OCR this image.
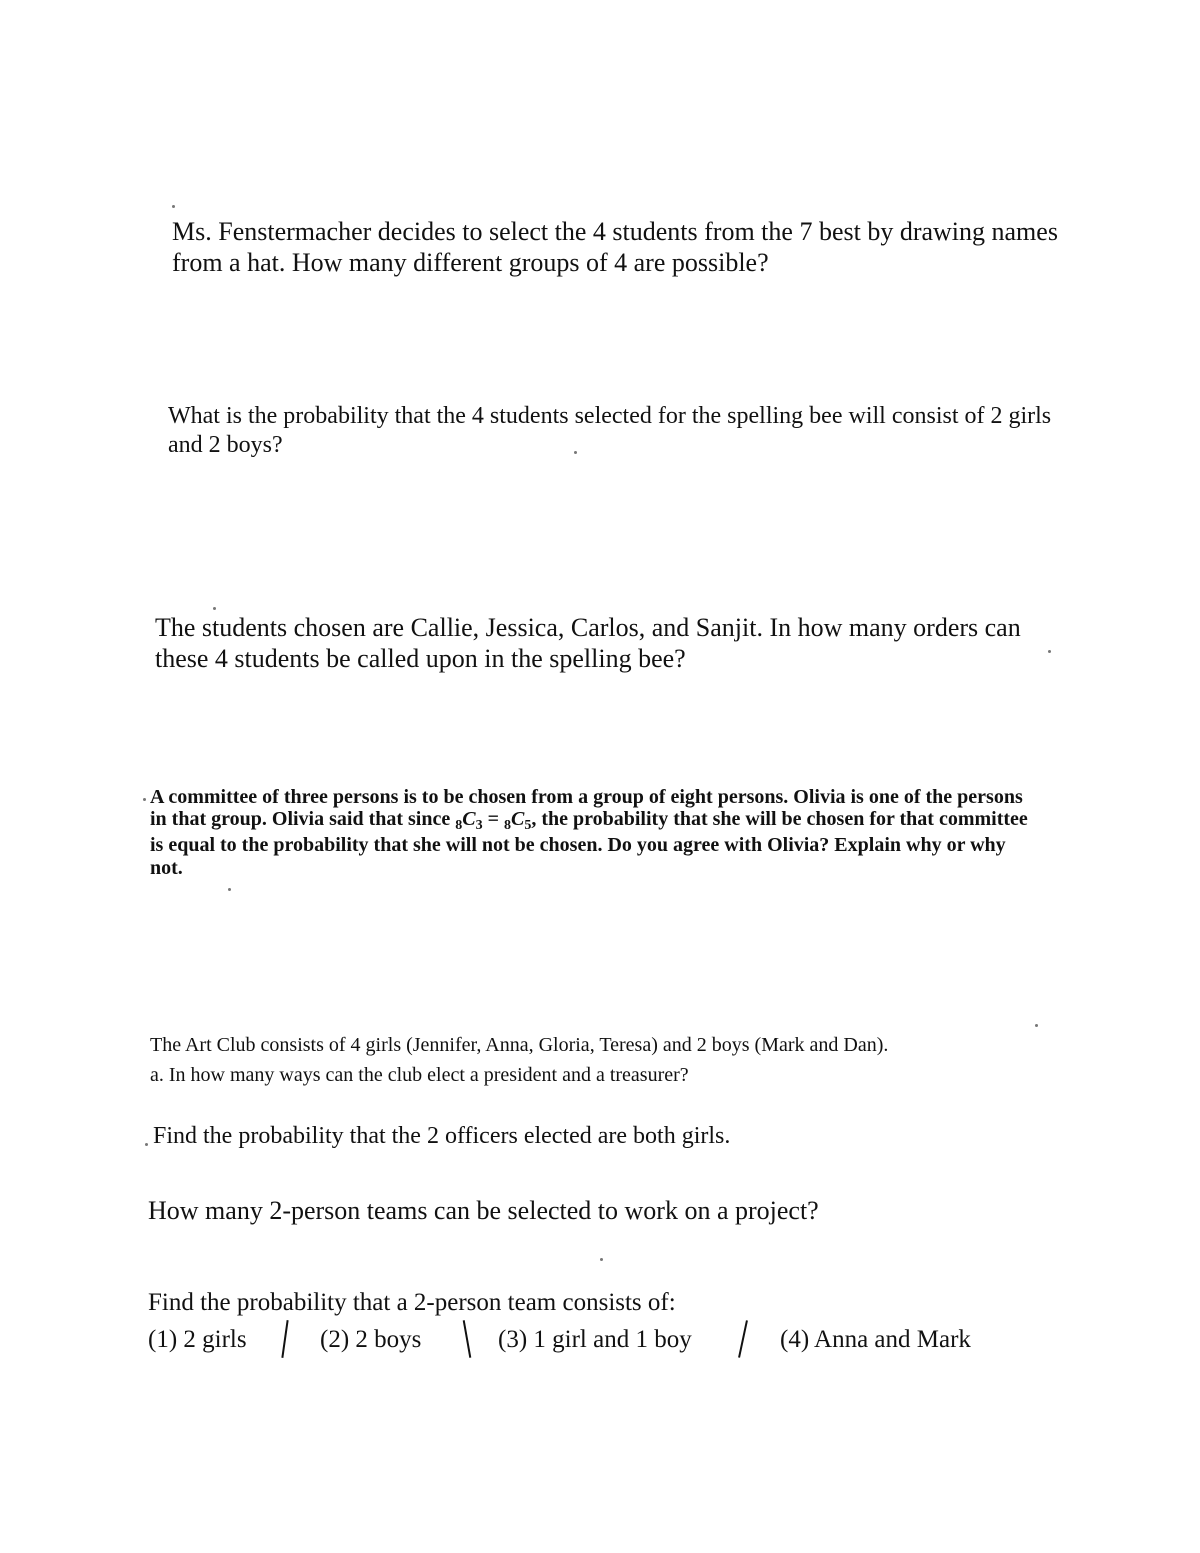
Ms. Fenstermacher decides to select the 4 students from the 7 best by drawing names from a hat. How many different groups of 4 are possible?

What is the probability that the 4 students selected for the spelling bee will consist of 2 girls and 2 boys?

The students chosen are Callie, Jessica, Carlos, and Sanjit. In how many orders can these 4 students be called upon in the spelling bee?

A committee of three persons is to be chosen from a group of eight persons. Olivia is one of the persons in that group. Olivia said that since $_8C_3 = _8C_5$, the probability that she will be chosen for that committee is equal to the probability that she will not be chosen. Do you agree with Olivia? Explain why or why not.

The Art Club consists of 4 girls (Jennifer, Anna, Gloria, Teresa) and 2 boys (Mark and Dan).
a. In how many ways can the club elect a president and a treasurer?

Find the probability that the 2 officers elected are both girls.

How many 2-person teams can be selected to work on a project?

Find the probability that a 2-person team consists of:

(1) 2 girls	(2) 2 boys	(3) 1 girl and 1 boy	(4) Anna and Mark
